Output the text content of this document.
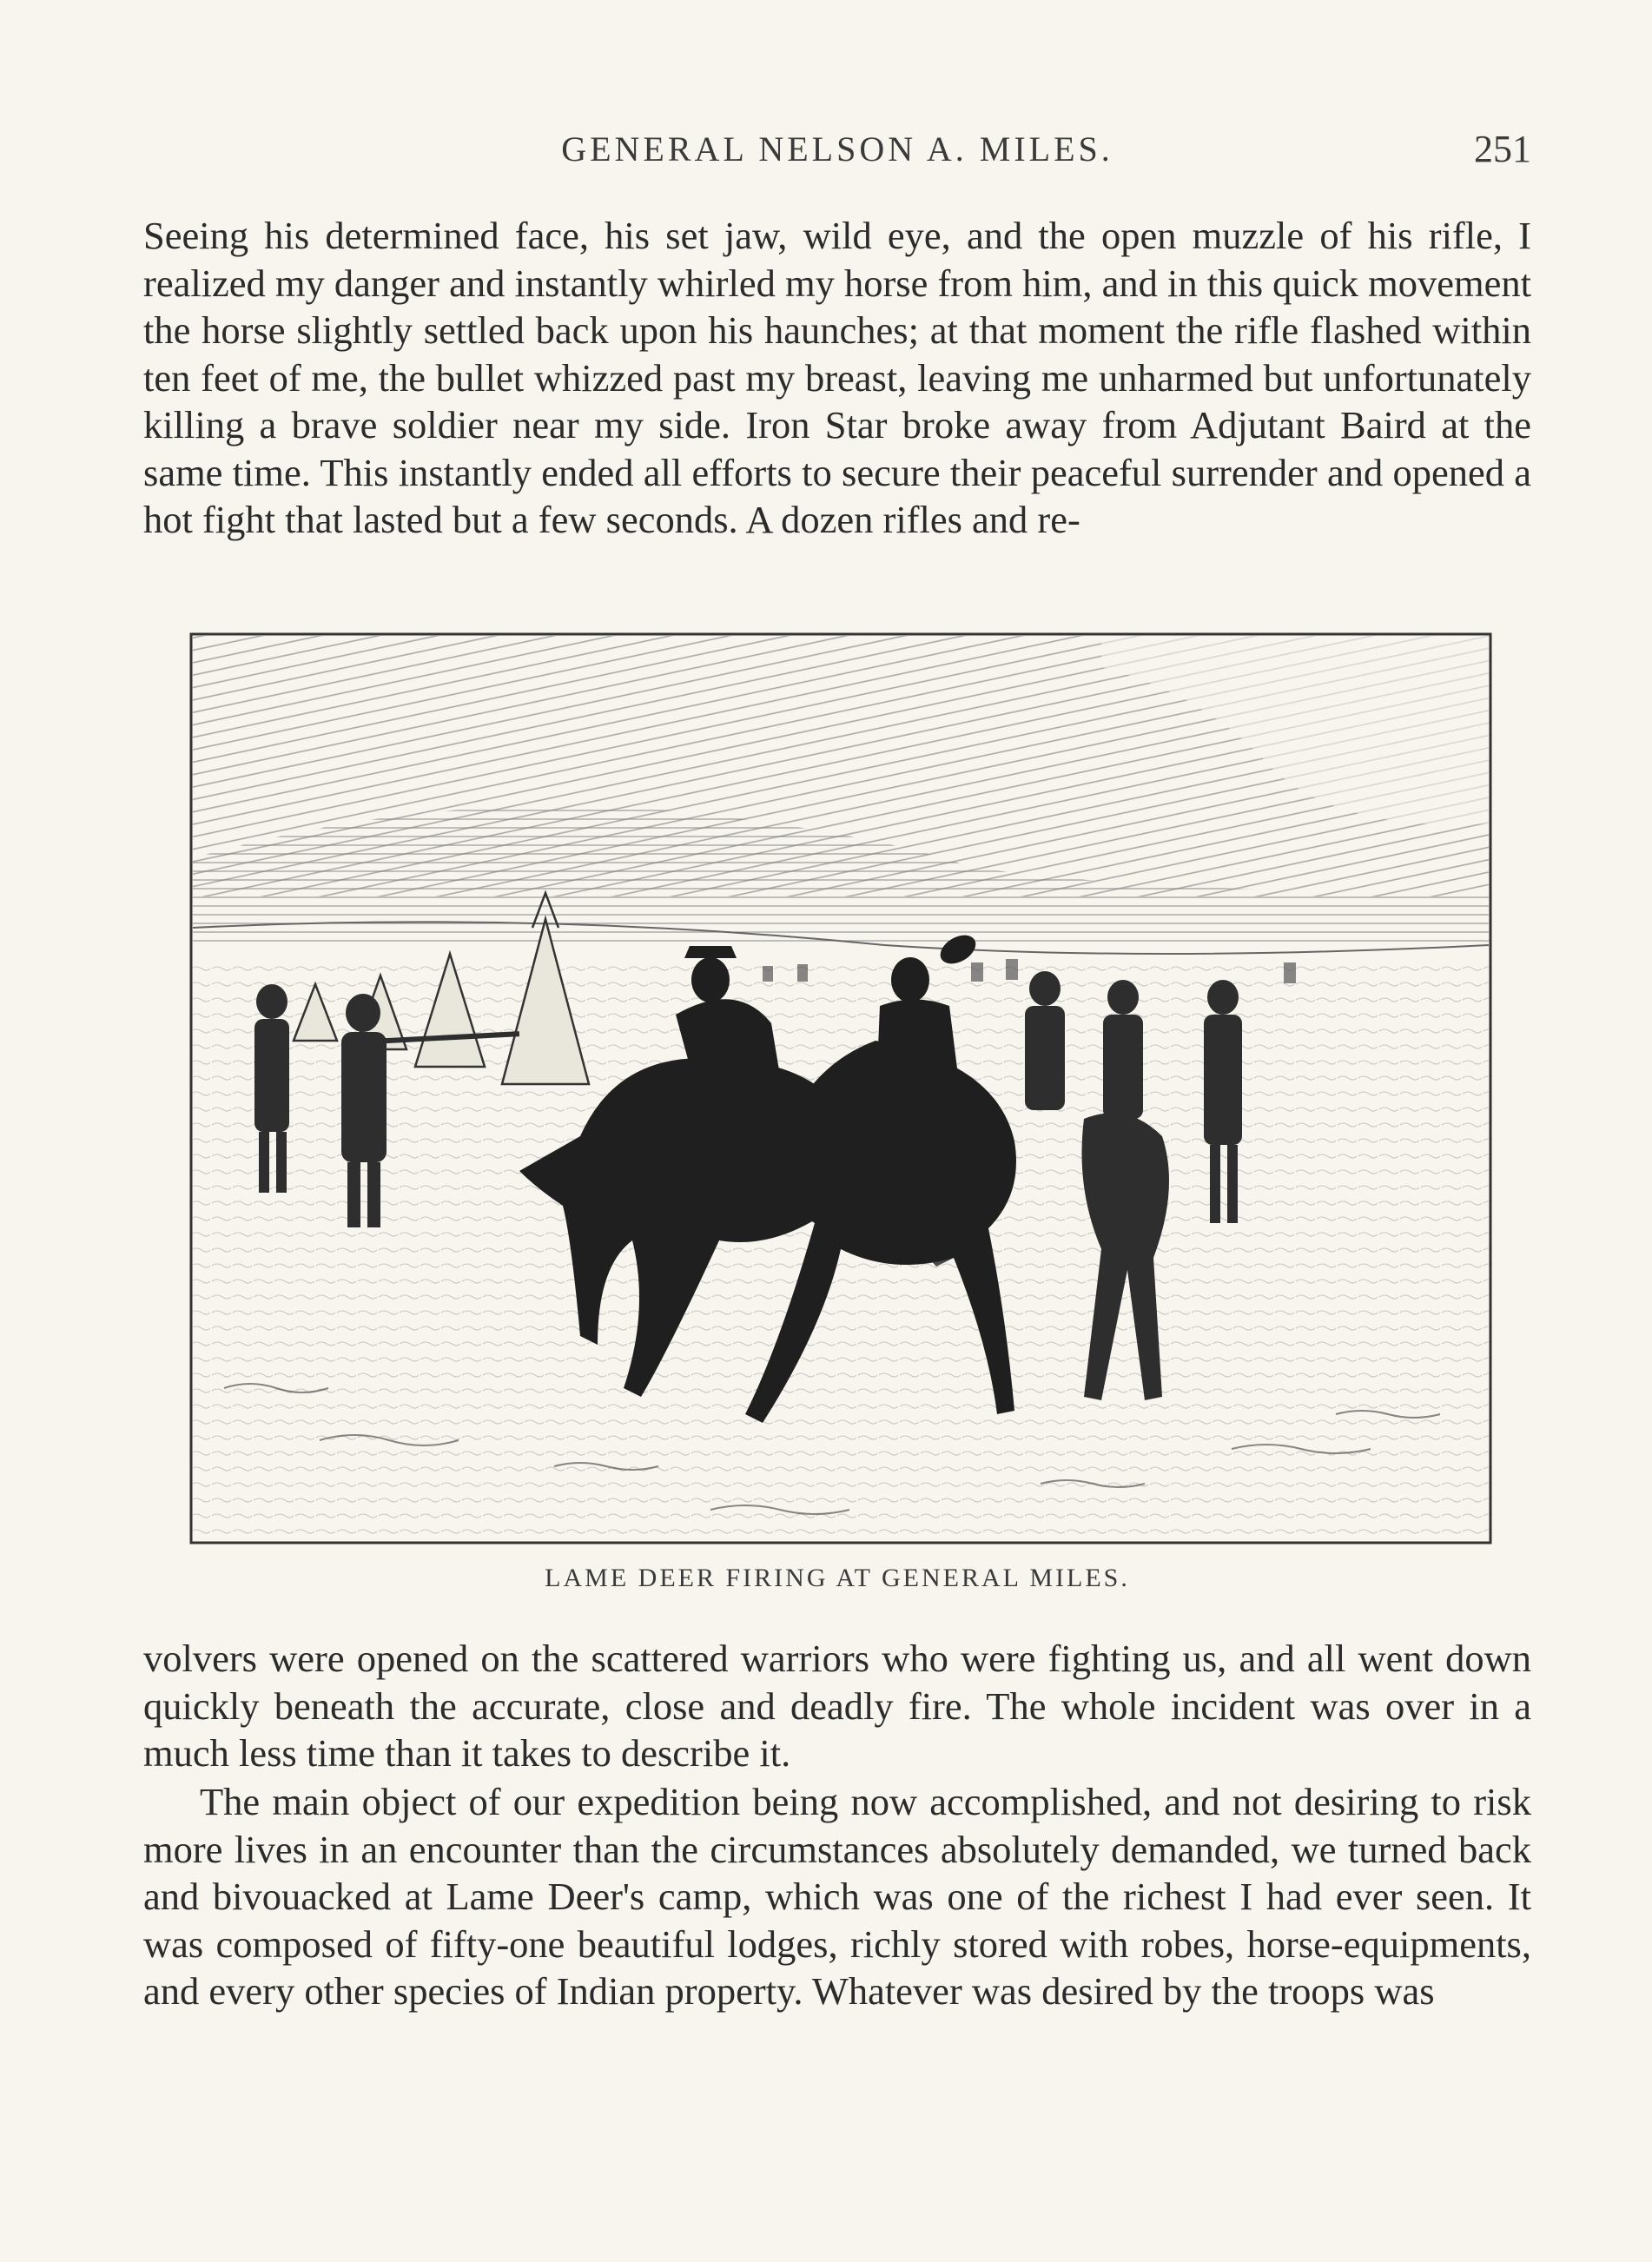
GENERAL NELSON A. MILES.	251

Seeing his determined face, his set jaw, wild eye, and the open muzzle of his rifle, I realized my danger and instantly whirled my horse from him, and in this quick movement the horse slightly settled back upon his haunches; at that moment the rifle flashed within ten feet of me, the bullet whizzed past my breast, leaving me unharmed but unfortunately killing a brave soldier near my side. Iron Star broke away from Adjutant Baird at the same time. This instantly ended all efforts to secure their peaceful surrender and opened a hot fight that lasted but a few seconds. A dozen rifles and re-

LAME DEER FIRING AT GENERAL MILES.

volvers were opened on the scattered warriors who were fighting us, and all went down quickly beneath the accurate, close and deadly fire. The whole incident was over in a much less time than it takes to describe it.

The main object of our expedition being now accomplished, and not desiring to risk more lives in an encounter than the circumstances absolutely demanded, we turned back and bivouacked at Lame Deer's camp, which was one of the richest I had ever seen. It was composed of fifty-one beautiful lodges, richly stored with robes, horse-equipments, and every other species of Indian property. Whatever was desired by the troops was
